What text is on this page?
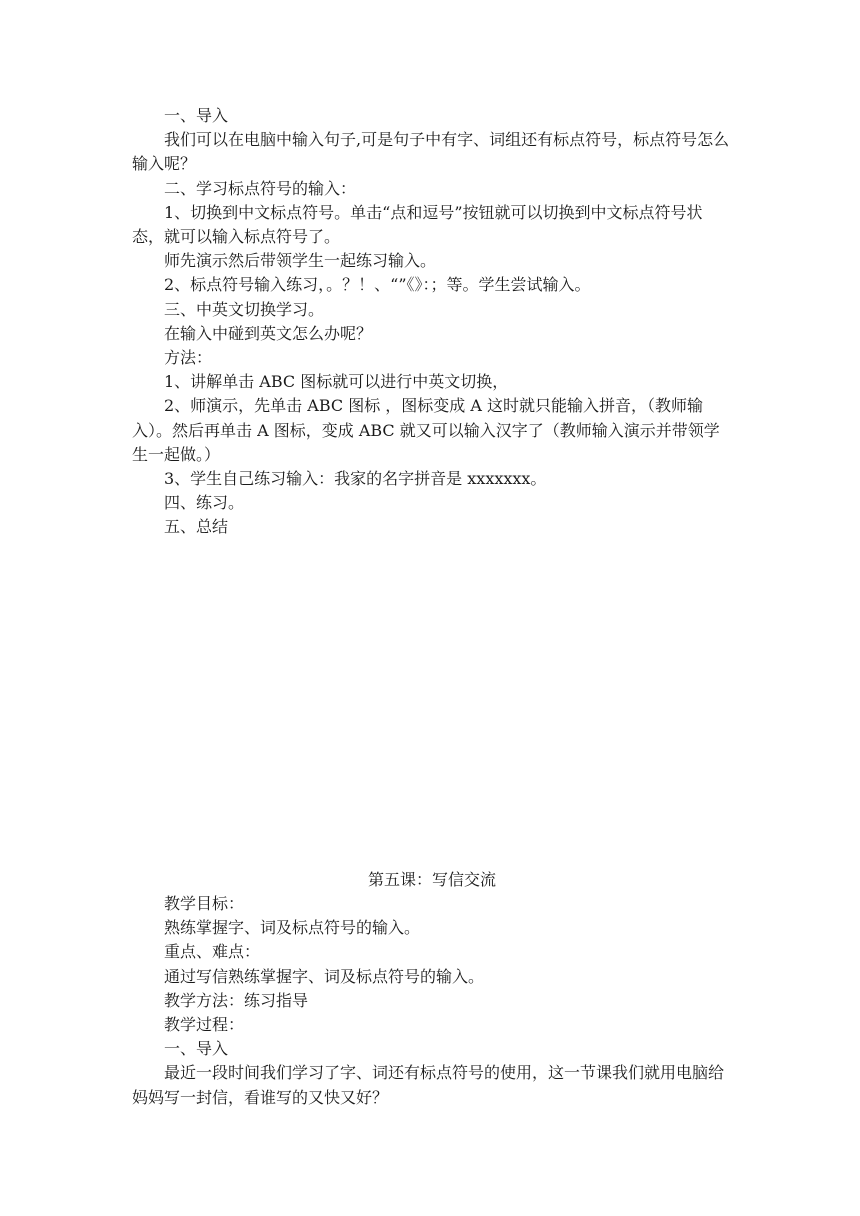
一、导入

我们可以在电脑中输入句子,可是句子中有字、词组还有标点符号，标点符号怎么输入呢？

二、学习标点符号的输入：

1、切换到中文标点符号。单击“点和逗号”按钮就可以切换到中文标点符号状态，就可以输入标点符号了。

师先演示然后带领学生一起练习输入。

2、标点符号输入练习，。？！、“”《》：；等。学生尝试输入。

三、中英文切换学习。

在输入中碰到英文怎么办呢？

方法：

1、讲解单击 ABC 图标就可以进行中英文切换，

2、师演示，先单击 ABC 图标 ，图标变成 A 这时就只能输入拼音，（教师输入）。然后再单击 A 图标，变成 ABC 就又可以输入汉字了（教师输入演示并带领学生一起做。）

3、学生自己练习输入：我家的名字拼音是 xxxxxxx。

四、练习。

五、总结

第五课：写信交流

教学目标：

熟练掌握字、词及标点符号的输入。

重点、难点：

通过写信熟练掌握字、词及标点符号的输入。

教学方法：练习指导

教学过程：

一、导入

最近一段时间我们学习了字、词还有标点符号的使用，这一节课我们就用电脑给妈妈写一封信，看谁写的又快又好？
